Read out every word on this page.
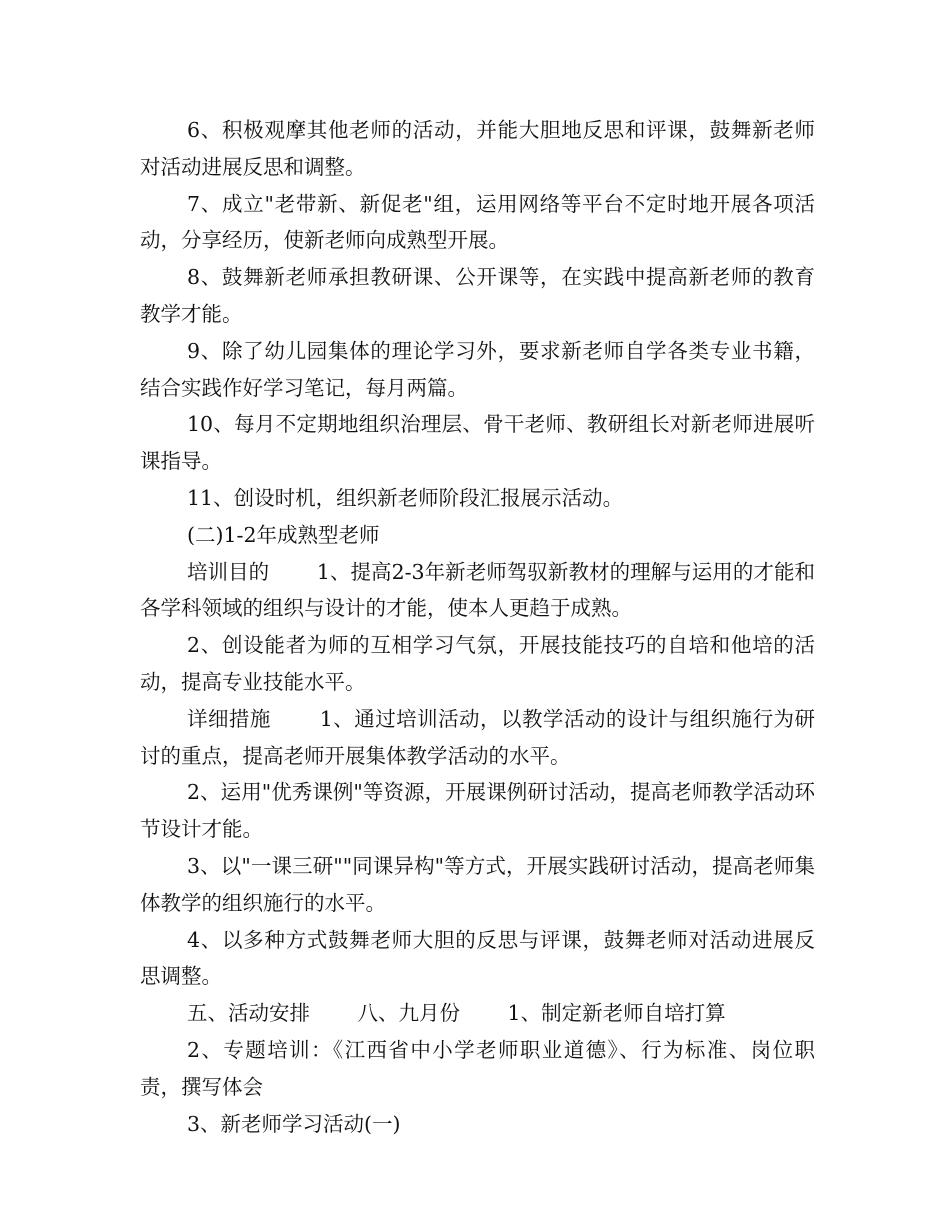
6、积极观摩其他老师的活动，并能大胆地反思和评课，鼓舞新老师对活动进展反思和调整。

7、成立"老带新、新促老"组，运用网络等平台不定时地开展各项活动，分享经历，使新老师向成熟型开展。

8、鼓舞新老师承担教研课、公开课等，在实践中提高新老师的教育教学才能。

9、除了幼儿园集体的理论学习外，要求新老师自学各类专业书籍，结合实践作好学习笔记，每月两篇。

10、每月不定期地组织治理层、骨干老师、教研组长对新老师进展听课指导。

11、创设时机，组织新老师阶段汇报展示活动。

(二)1-2年成熟型老师

培训目的　　 1、提高2-3年新老师驾驭新教材的理解与运用的才能和各学科领域的组织与设计的才能，使本人更趋于成熟。

2、创设能者为师的互相学习气氛，开展技能技巧的自培和他培的活动，提高专业技能水平。

详细措施　　 1、通过培训活动，以教学活动的设计与组织施行为研讨的重点，提高老师开展集体教学活动的水平。

2、运用"优秀课例"等资源，开展课例研讨活动，提高老师教学活动环节设计才能。

3、以"一课三研""同课异构"等方式，开展实践研讨活动，提高老师集体教学的组织施行的水平。

4、以多种方式鼓舞老师大胆的反思与评课，鼓舞老师对活动进展反思调整。

五、活动安排　　 八、九月份　　 1、制定新老师自培打算

2、专题培训：《江西省中小学老师职业道德》、行为标准、岗位职责，撰写体会

3、新老师学习活动(一)
